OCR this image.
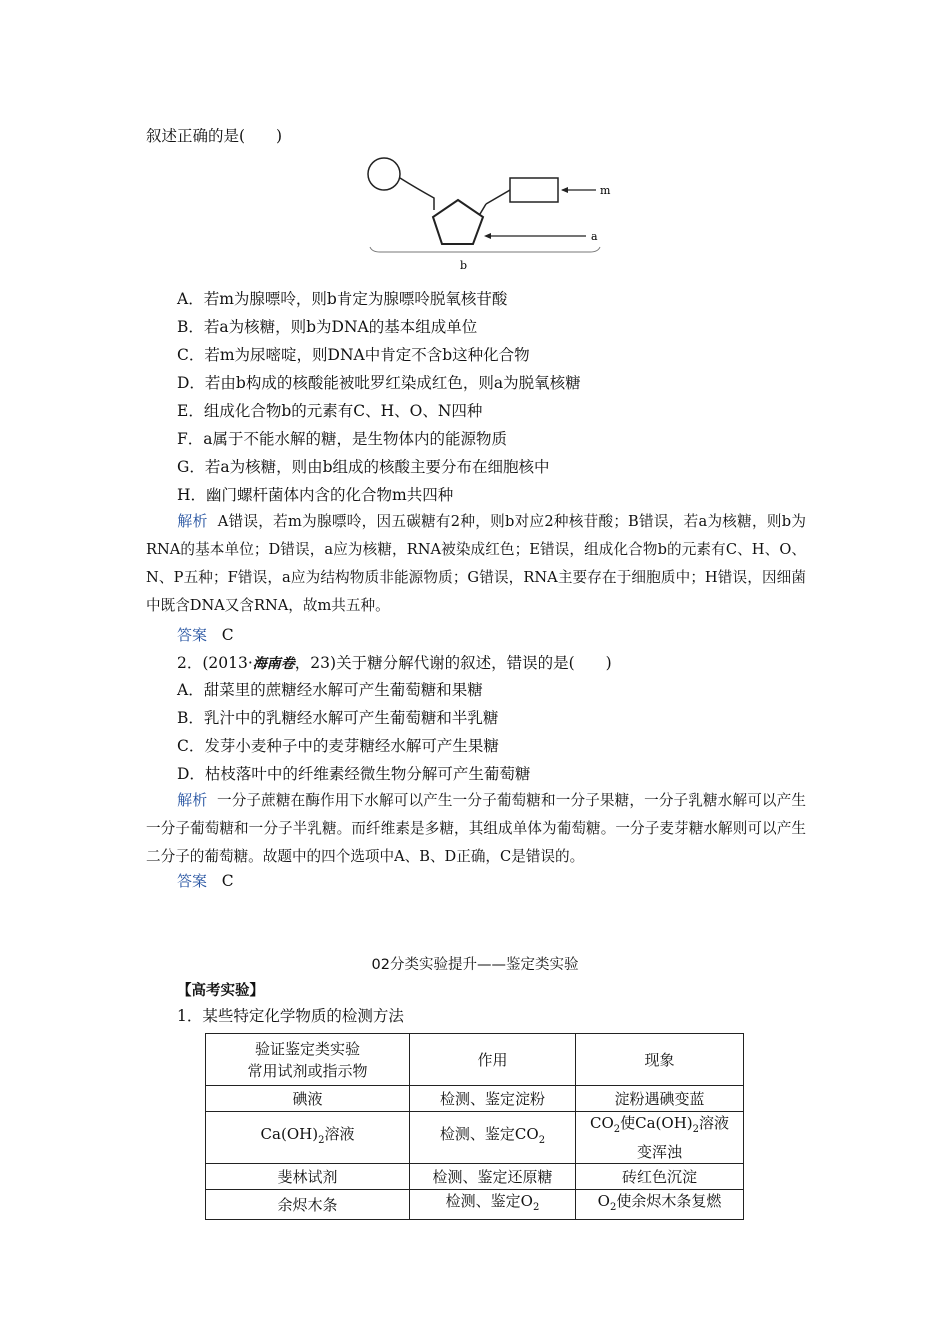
叙述正确的是(　　)
m
a
b
A．若m为腺嘌呤，则b肯定为腺嘌呤脱氧核苷酸
B．若a为核糖，则b为DNA的基本组成单位
C．若m为尿嘧啶，则DNA中肯定不含b这种化合物
D．若由b构成的核酸能被吡罗红染成红色，则a为脱氧核糖
E．组成化合物b的元素有C、H、O、N四种
F．a属于不能水解的糖，是生物体内的能源物质
G．若a为核糖，则由b组成的核酸主要分布在细胞核中
H．幽门螺杆菌体内含的化合物m共四种
解析 A错误，若m为腺嘌呤，因五碳糖有2种，则b对应2种核苷酸；B错误，若a为核糖，则b为RNA的基本单位；D错误，a应为核糖，RNA被染成红色；E错误，组成化合物b的元素有C、H、O、N、P五种；F错误，a应为结构物质非能源物质；G错误，RNA主要存在于细胞质中；H错误，因细菌中既含DNA又含RNA，故m共五种。
答案 C
2．(2013·海南卷，23)关于糖分解代谢的叙述，错误的是(　　)
A．甜菜里的蔗糖经水解可产生葡萄糖和果糖
B．乳汁中的乳糖经水解可产生葡萄糖和半乳糖
C．发芽小麦种子中的麦芽糖经水解可产生果糖
D．枯枝落叶中的纤维素经微生物分解可产生葡萄糖
解析 一分子蔗糖在酶作用下水解可以产生一分子葡萄糖和一分子果糖，一分子乳糖水解可以产生一分子葡萄糖和一分子半乳糖。而纤维素是多糖，其组成单体为葡萄糖。一分子麦芽糖水解则可以产生二分子的葡萄糖。故题中的四个选项中A、B、D正确，C是错误的。
答案 C
02分类实验提升——鉴定类实验
【高考实验】
1．某些特定化学物质的检测方法
验证鉴定类实验
常用试剂或指示物	作用	现象
碘液	检测、鉴定淀粉	淀粉遇碘变蓝
$Ca(OH)_2$溶液	检测、鉴定$CO_2$	$CO_2$使$Ca(OH)_2$溶液
变浑浊
斐林试剂	检测、鉴定还原糖	砖红色沉淀
余烬木条	检测、鉴定$O_2$	$O_2$使余烬木条复燃
